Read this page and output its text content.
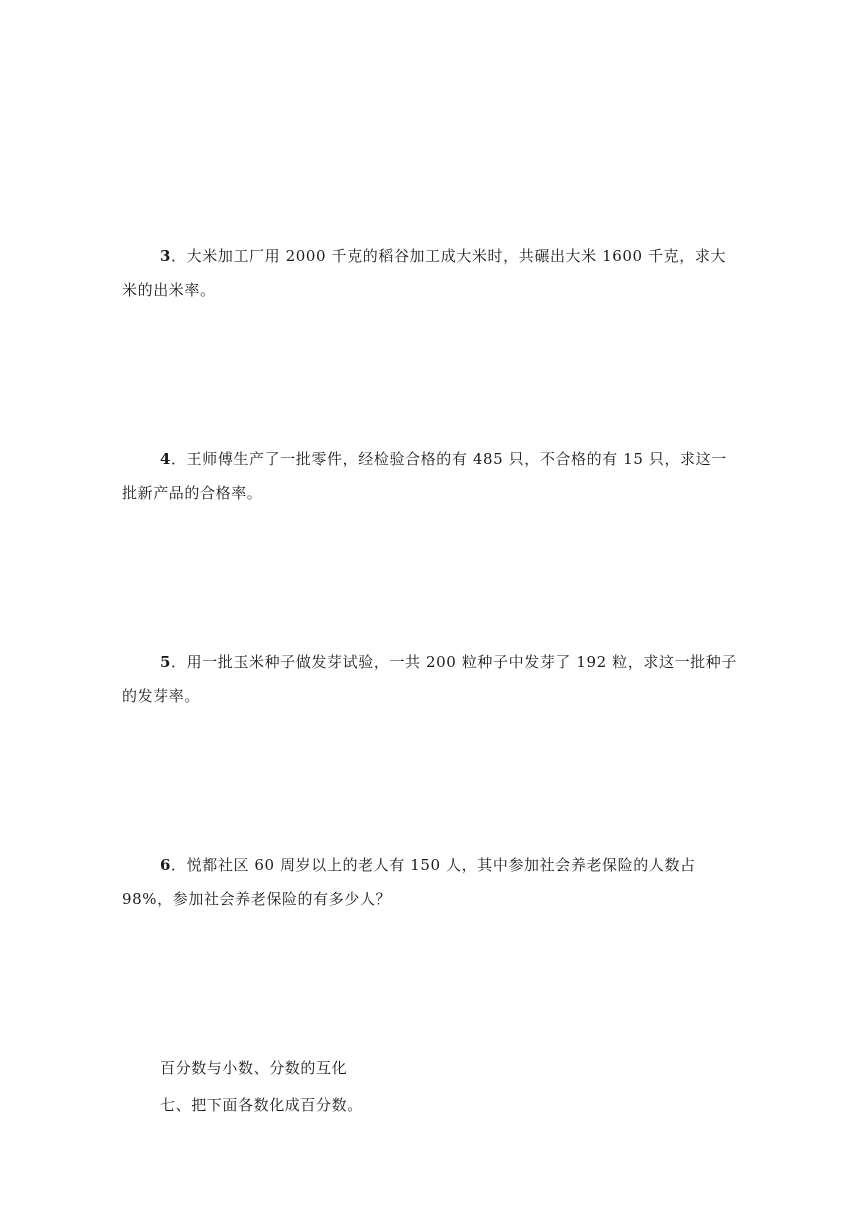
3．大米加工厂用 2000 千克的稻谷加工成大米时，共碾出大米 1600 千克，求大米的出米率。
4．王师傅生产了一批零件，经检验合格的有 485 只，不合格的有 15 只，求这一批新产品的合格率。
5．用一批玉米种子做发芽试验，一共 200 粒种子中发芽了 192 粒，求这一批种子的发芽率。
6．悦都社区 60 周岁以上的老人有 150 人，其中参加社会养老保险的人数占 98%，参加社会养老保险的有多少人？
百分数与小数、分数的互化
七、把下面各数化成百分数。
